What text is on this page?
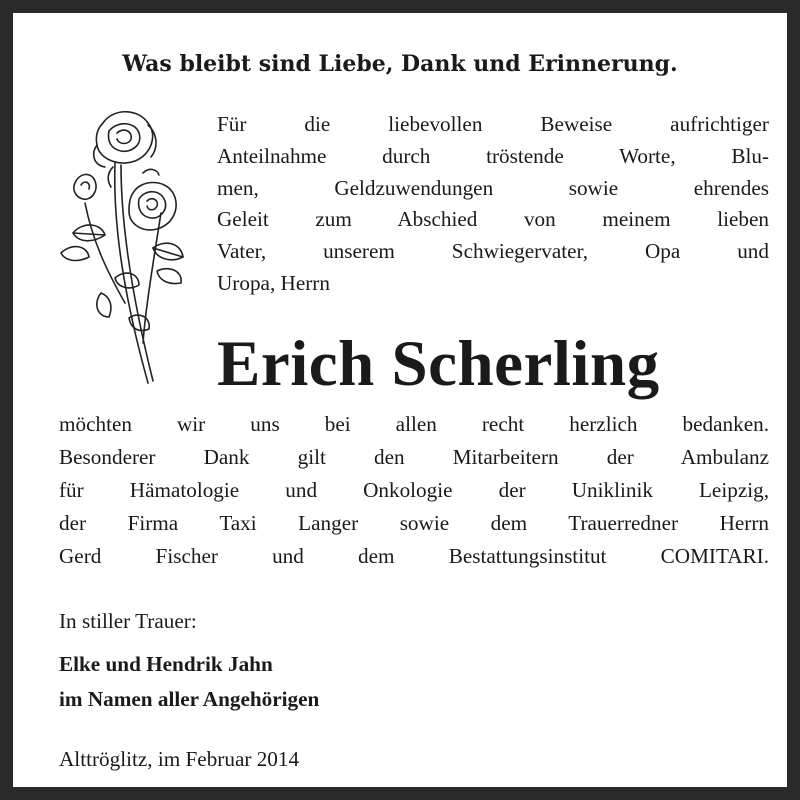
Was bleibt sind Liebe, Dank und Erinnerung.
Für die liebevollen Beweise aufrichtiger
Anteilnahme durch tröstende Worte, Blu-
men, Geldzuwendungen sowie ehrendes
Geleit zum Abschied von meinem lieben
Vater, unserem Schwiegervater, Opa und
Uropa, Herrn
Erich Scherling
möchten wir uns bei allen recht herzlich bedanken.
Besonderer Dank gilt den Mitarbeitern der Ambulanz
für Hämatologie und Onkologie der Uniklinik Leipzig,
der Firma Taxi Langer sowie dem Trauerredner Herrn
Gerd Fischer und dem Bestattungsinstitut COMITARI.
In stiller Trauer:
Elke und Hendrik Jahn
im Namen aller Angehörigen
Alttröglitz, im Februar 2014
